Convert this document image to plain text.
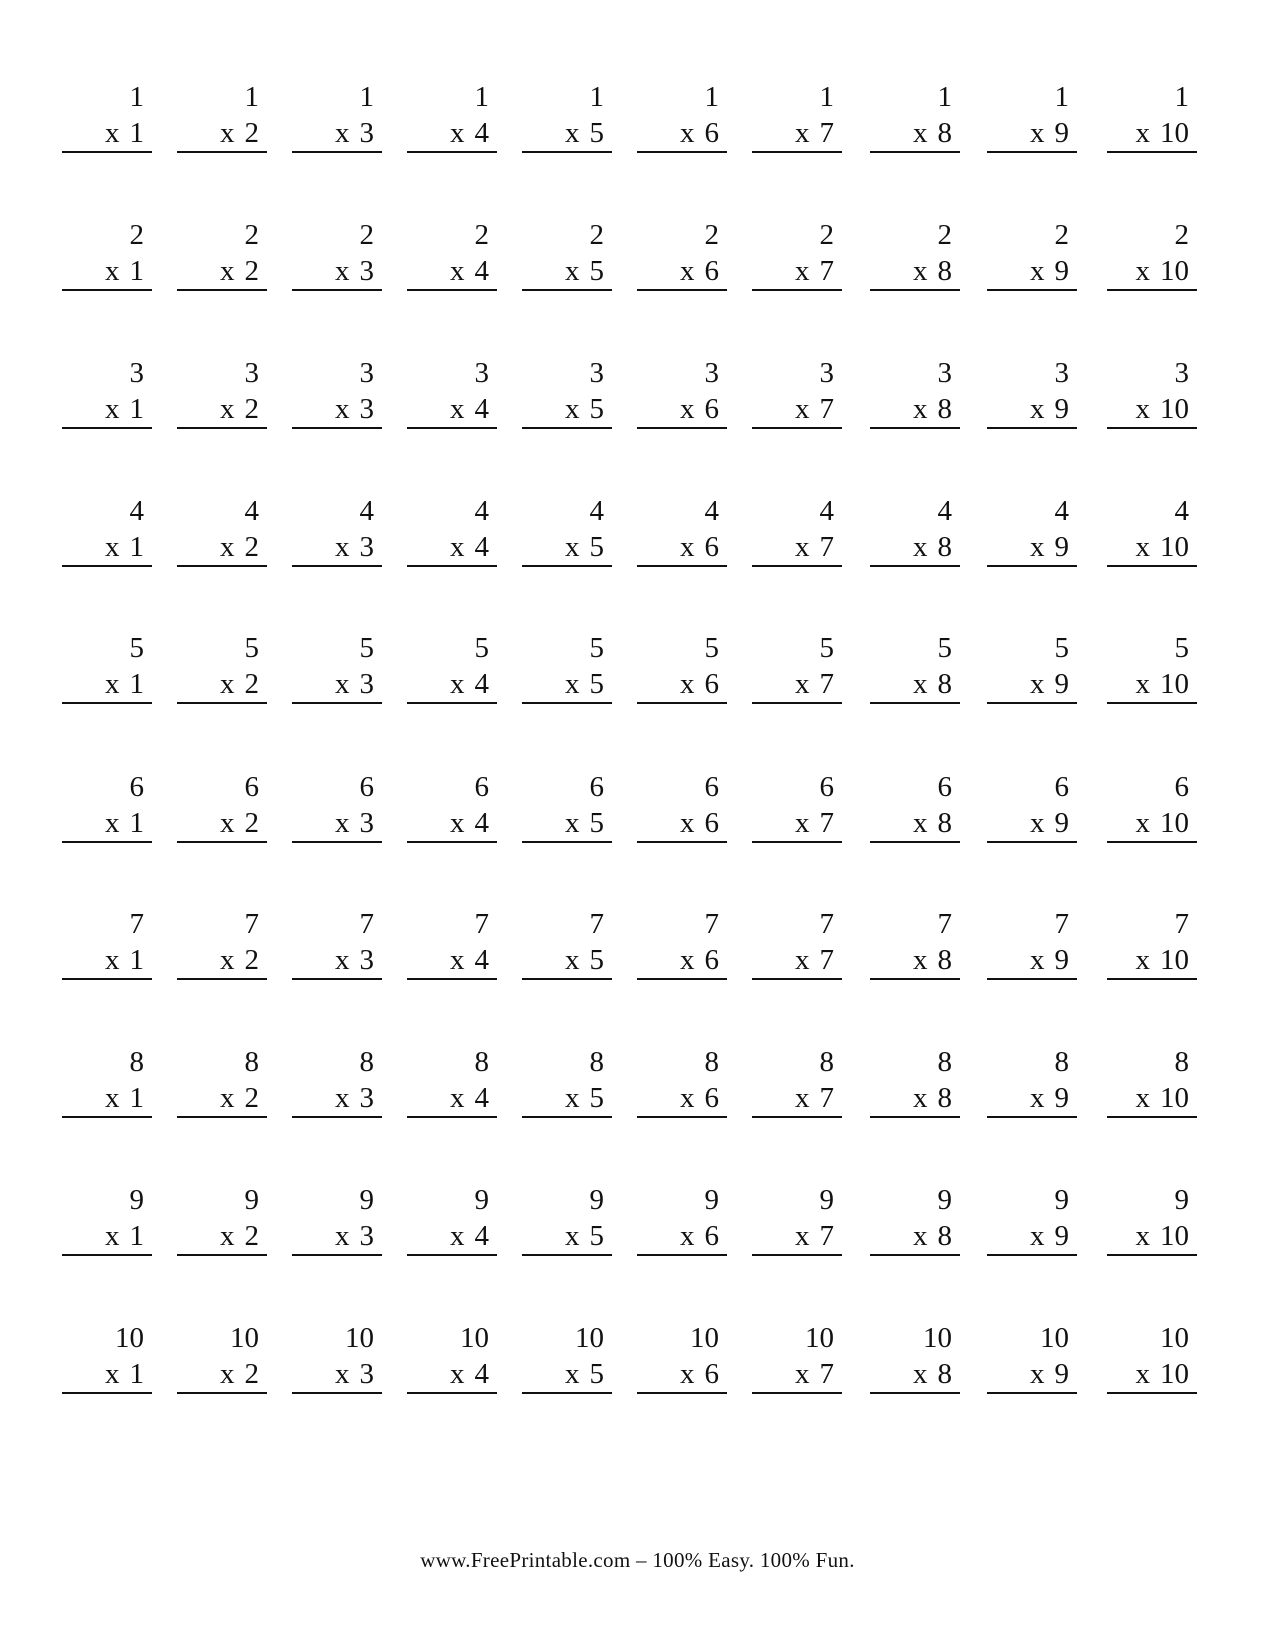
1
x 1
1
x 2
1
x 3
1
x 4
1
x 5
1
x 6
1
x 7
1
x 8
1
x 9
1
x 10
2
x 1
2
x 2
2
x 3
2
x 4
2
x 5
2
x 6
2
x 7
2
x 8
2
x 9
2
x 10
3
x 1
3
x 2
3
x 3
3
x 4
3
x 5
3
x 6
3
x 7
3
x 8
3
x 9
3
x 10
4
x 1
4
x 2
4
x 3
4
x 4
4
x 5
4
x 6
4
x 7
4
x 8
4
x 9
4
x 10
5
x 1
5
x 2
5
x 3
5
x 4
5
x 5
5
x 6
5
x 7
5
x 8
5
x 9
5
x 10
6
x 1
6
x 2
6
x 3
6
x 4
6
x 5
6
x 6
6
x 7
6
x 8
6
x 9
6
x 10
7
x 1
7
x 2
7
x 3
7
x 4
7
x 5
7
x 6
7
x 7
7
x 8
7
x 9
7
x 10
8
x 1
8
x 2
8
x 3
8
x 4
8
x 5
8
x 6
8
x 7
8
x 8
8
x 9
8
x 10
9
x 1
9
x 2
9
x 3
9
x 4
9
x 5
9
x 6
9
x 7
9
x 8
9
x 9
9
x 10
10
x 1
10
x 2
10
x 3
10
x 4
10
x 5
10
x 6
10
x 7
10
x 8
10
x 9
10
x 10
www.FreePrintable.com – 100% Easy. 100% Fun.
